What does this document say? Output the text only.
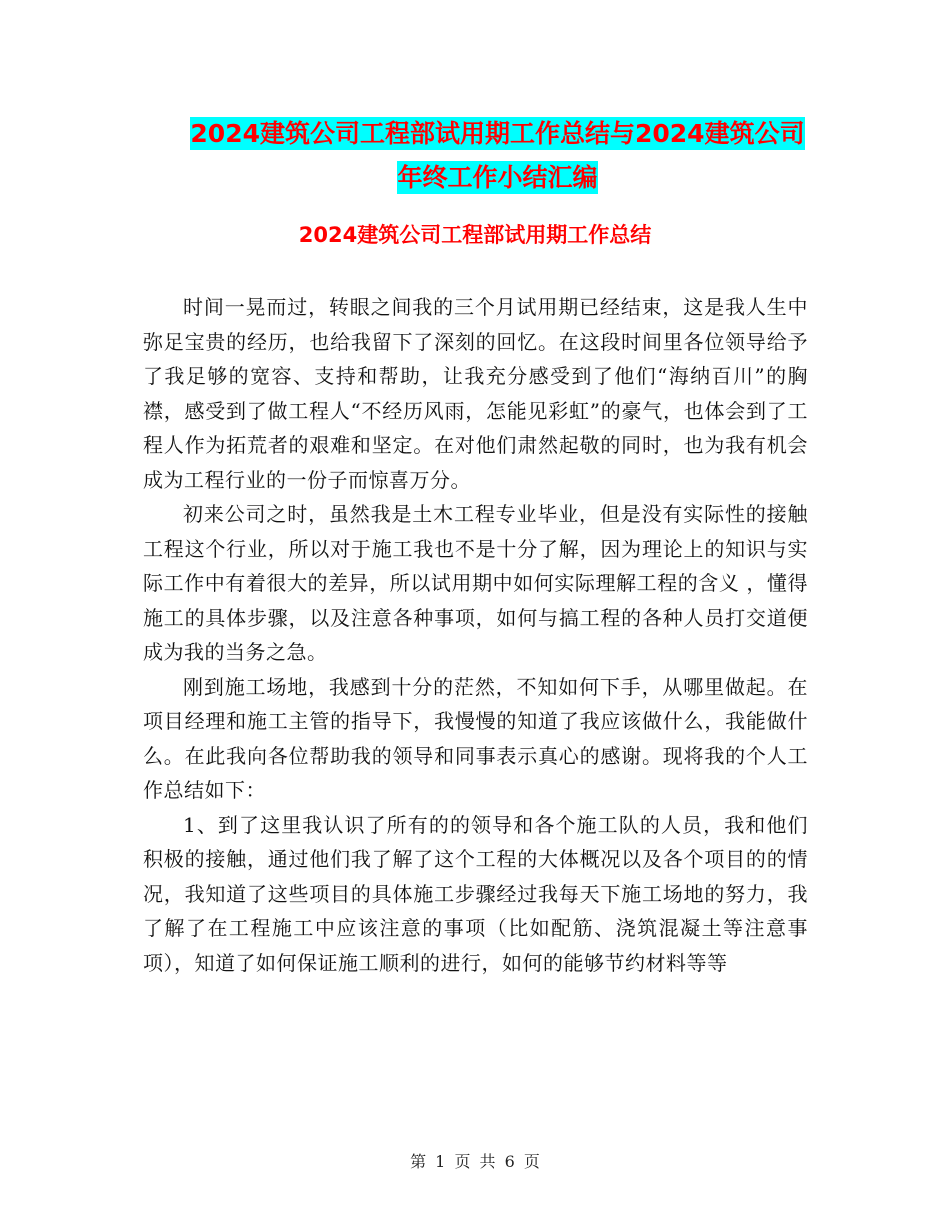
2024建筑公司工程部试用期工作总结与2024建筑公司
年终工作小结汇编
2024建筑公司工程部试用期工作总结

时间一晃而过，转眼之间我的三个月试用期已经结束，这是我人生中弥足宝贵的经历，也给我留下了深刻的回忆。在这段时间里各位领导给予了我足够的宽容、支持和帮助，让我充分感受到了他们“海纳百川”的胸襟，感受到了做工程人“不经历风雨，怎能见彩虹”的豪气，也体会到了工程人作为拓荒者的艰难和坚定。在对他们肃然起敬的同时，也为我有机会成为工程行业的一份子而惊喜万分。

初来公司之时，虽然我是土木工程专业毕业，但是没有实际性的接触工程这个行业，所以对于施工我也不是十分了解，因为理论上的知识与实际工作中有着很大的差异，所以试用期中如何实际理解工程的含义 ，懂得施工的具体步骤，以及注意各种事项，如何与搞工程的各种人员打交道便成为我的当务之急。

刚到施工场地，我感到十分的茫然，不知如何下手，从哪里做起。在项目经理和施工主管的指导下，我慢慢的知道了我应该做什么，我能做什么。在此我向各位帮助我的领导和同事表示真心的感谢。现将我的个人工作总结如下：

1、到了这里我认识了所有的的领导和各个施工队的人员，我和他们积极的接触，通过他们我了解了这个工程的大体概况以及各个项目的的情况，我知道了这些项目的具体施工步骤经过我每天下施工场地的努力，我了解了在工程施工中应该注意的事项（比如配筋、浇筑混凝土等注意事项），知道了如何保证施工顺利的进行，如何的能够节约材料等等

第 1 页 共 6 页
